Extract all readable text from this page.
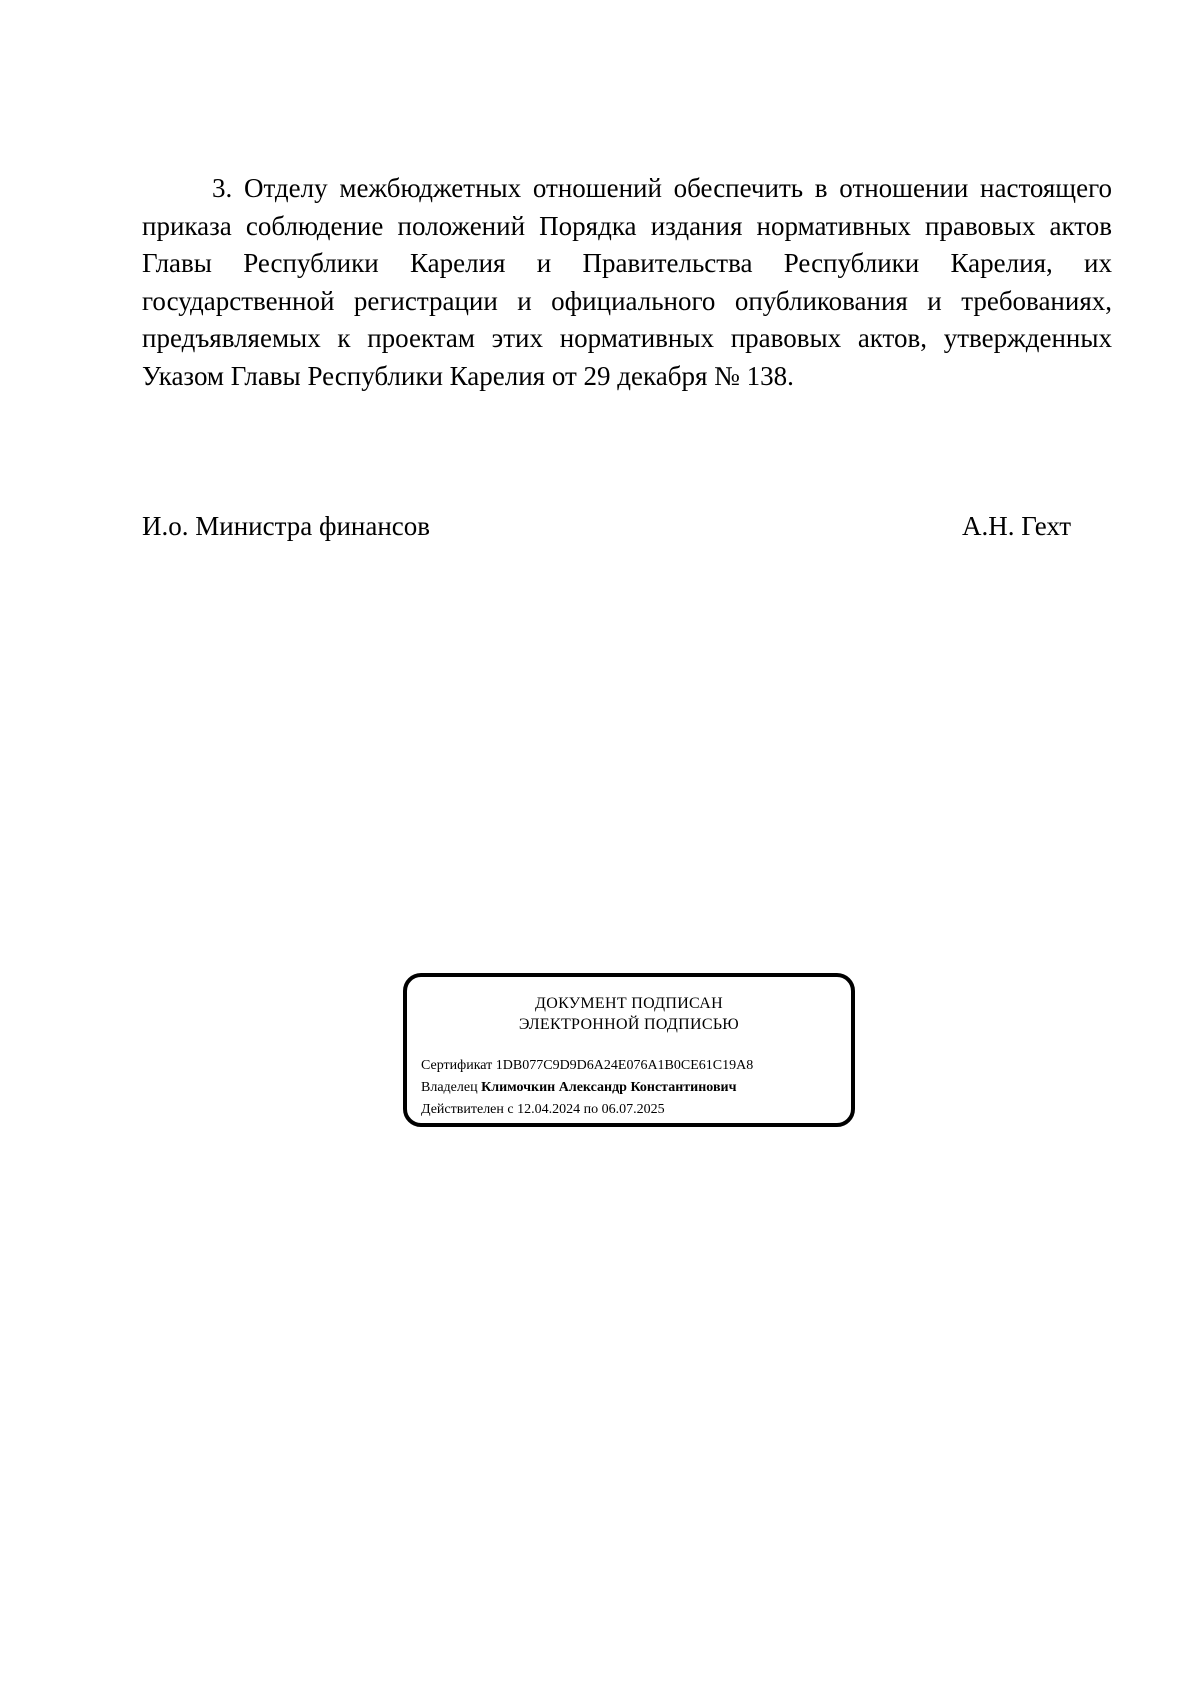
3. Отделу межбюджетных отношений обеспечить в отношении настоящего приказа соблюдение положений Порядка издания нормативных правовых актов Главы Республики Карелия и Правительства Республики Карелия, их государственной регистрации и официального опубликования и требованиях, предъявляемых к проектам этих нормативных правовых актов, утвержденных Указом Главы Республики Карелия от 29 декабря № 138.

И.о. Министра финансов	А.Н. Гехт
ДОКУМЕНТ ПОДПИСАН
ЭЛЕКТРОННОЙ ПОДПИСЬЮ
Сертификат 1DB077C9D9D6A24E076A1B0CE61C19A8
Владелец Климочкин Александр Константинович
Действителен с 12.04.2024 по 06.07.2025
